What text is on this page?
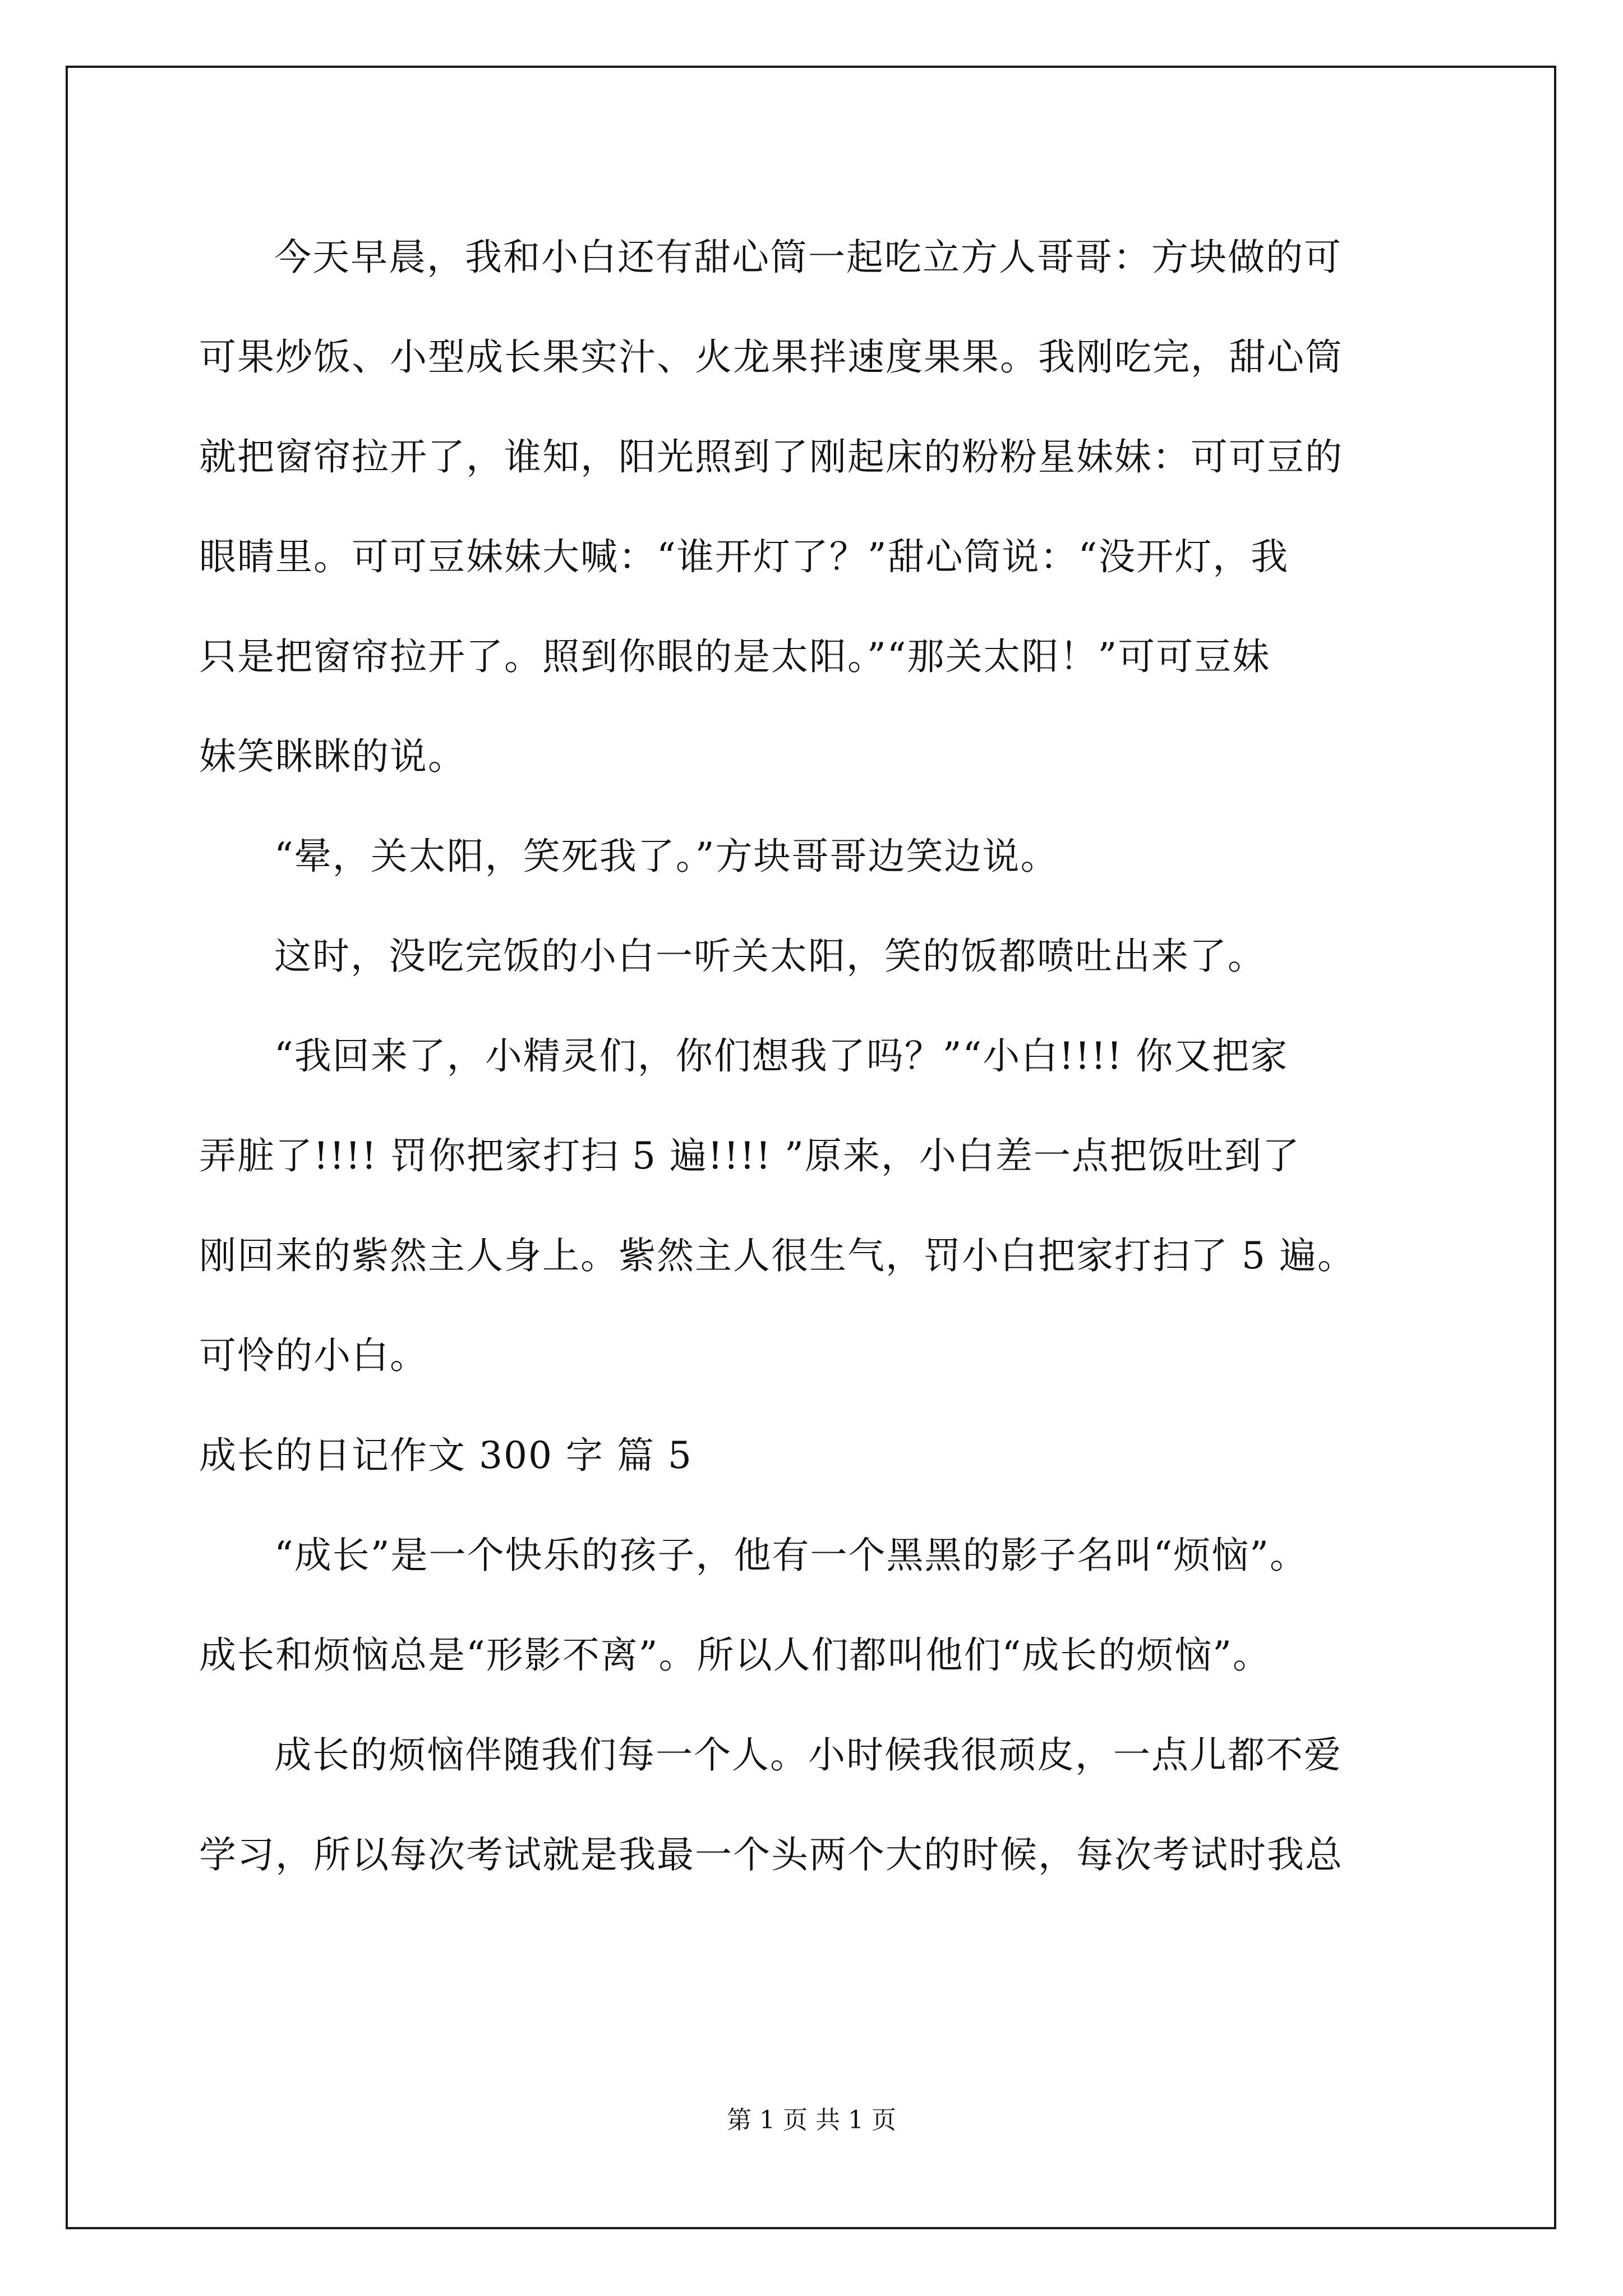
今天早晨，我和小白还有甜心筒一起吃立方人哥哥：方块做的可

可果炒饭、小型成长果实汁、火龙果拌速度果果。我刚吃完，甜心筒

就把窗帘拉开了，谁知，阳光照到了刚起床的粉粉星妹妹：可可豆的

眼睛里。可可豆妹妹大喊：“谁开灯了？”甜心筒说：“没开灯，我

只是把窗帘拉开了。照到你眼的是太阳。”“那关太阳！”可可豆妹

妹笑眯眯的说。

“晕，关太阳，笑死我了。”方块哥哥边笑边说。

这时，没吃完饭的小白一听关太阳，笑的饭都喷吐出来了。

“我回来了，小精灵们，你们想我了吗？”“小白!!!! 你又把家

弄脏了!!!! 罚你把家打扫 5 遍!!!! ”原来，小白差一点把饭吐到了

刚回来的紫然主人身上。紫然主人很生气，罚小白把家打扫了 5 遍。

可怜的小白。

成长的日记作文 300 字 篇 5

“成长”是一个快乐的孩子，他有一个黑黑的影子名叫“烦恼”。

成长和烦恼总是“形影不离”。所以人们都叫他们“成长的烦恼”。

成长的烦恼伴随我们每一个人。小时候我很顽皮，一点儿都不爱

学习，所以每次考试就是我最一个头两个大的时候，每次考试时我总

第 1 页 共 1 页
